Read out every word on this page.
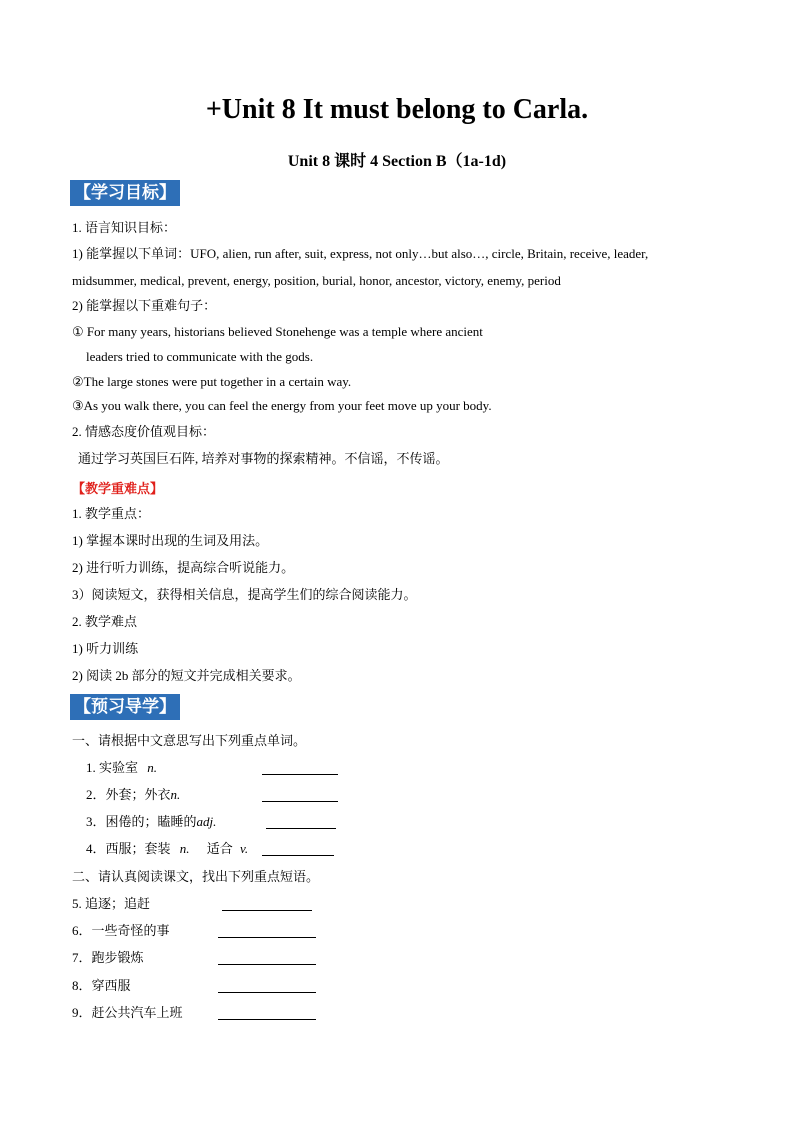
+Unit 8 It must belong to Carla.
Unit 8 课时 4 Section B（1a-1d)
【学习目标】
1. 语言知识目标：
1) 能掌握以下单词：UFO, alien, run after, suit, express, not only…but also…, circle, Britain, receive, leader,
midsummer, medical, prevent, energy, position, burial, honor, ancestor, victory, enemy, period
2) 能掌握以下重难句子：
① For many years, historians believed Stonehenge was a temple where ancient
leaders tried to communicate with the gods.
②The large stones were put together in a certain way.
③As you walk there, you can feel the energy from your feet move up your body.
2. 情感态度价值观目标：
通过学习英国巨石阵, 培养对事物的探索精神。不信谣，不传谣。
【教学重难点】
1. 教学重点：
1) 掌握本课时出现的生词及用法。
2) 进行听力训练，提高综合听说能力。
3）阅读短文，获得相关信息，提高学生们的综合阅读能力。
2. 教学难点
1) 听力训练
2) 阅读 2b 部分的短文并完成相关要求。
【预习导学】
一、请根据中文意思写出下列重点单词。
1. 实验室 n.
2．外套；外衣n.
3．困倦的；瞌睡的adj.
4．西服；套装 n. 适合 v.
二、请认真阅读课文，找出下列重点短语。
5. 追逐；追赶
6．一些奇怪的事
7．跑步锻炼
8．穿西服
9．赶公共汽车上班
